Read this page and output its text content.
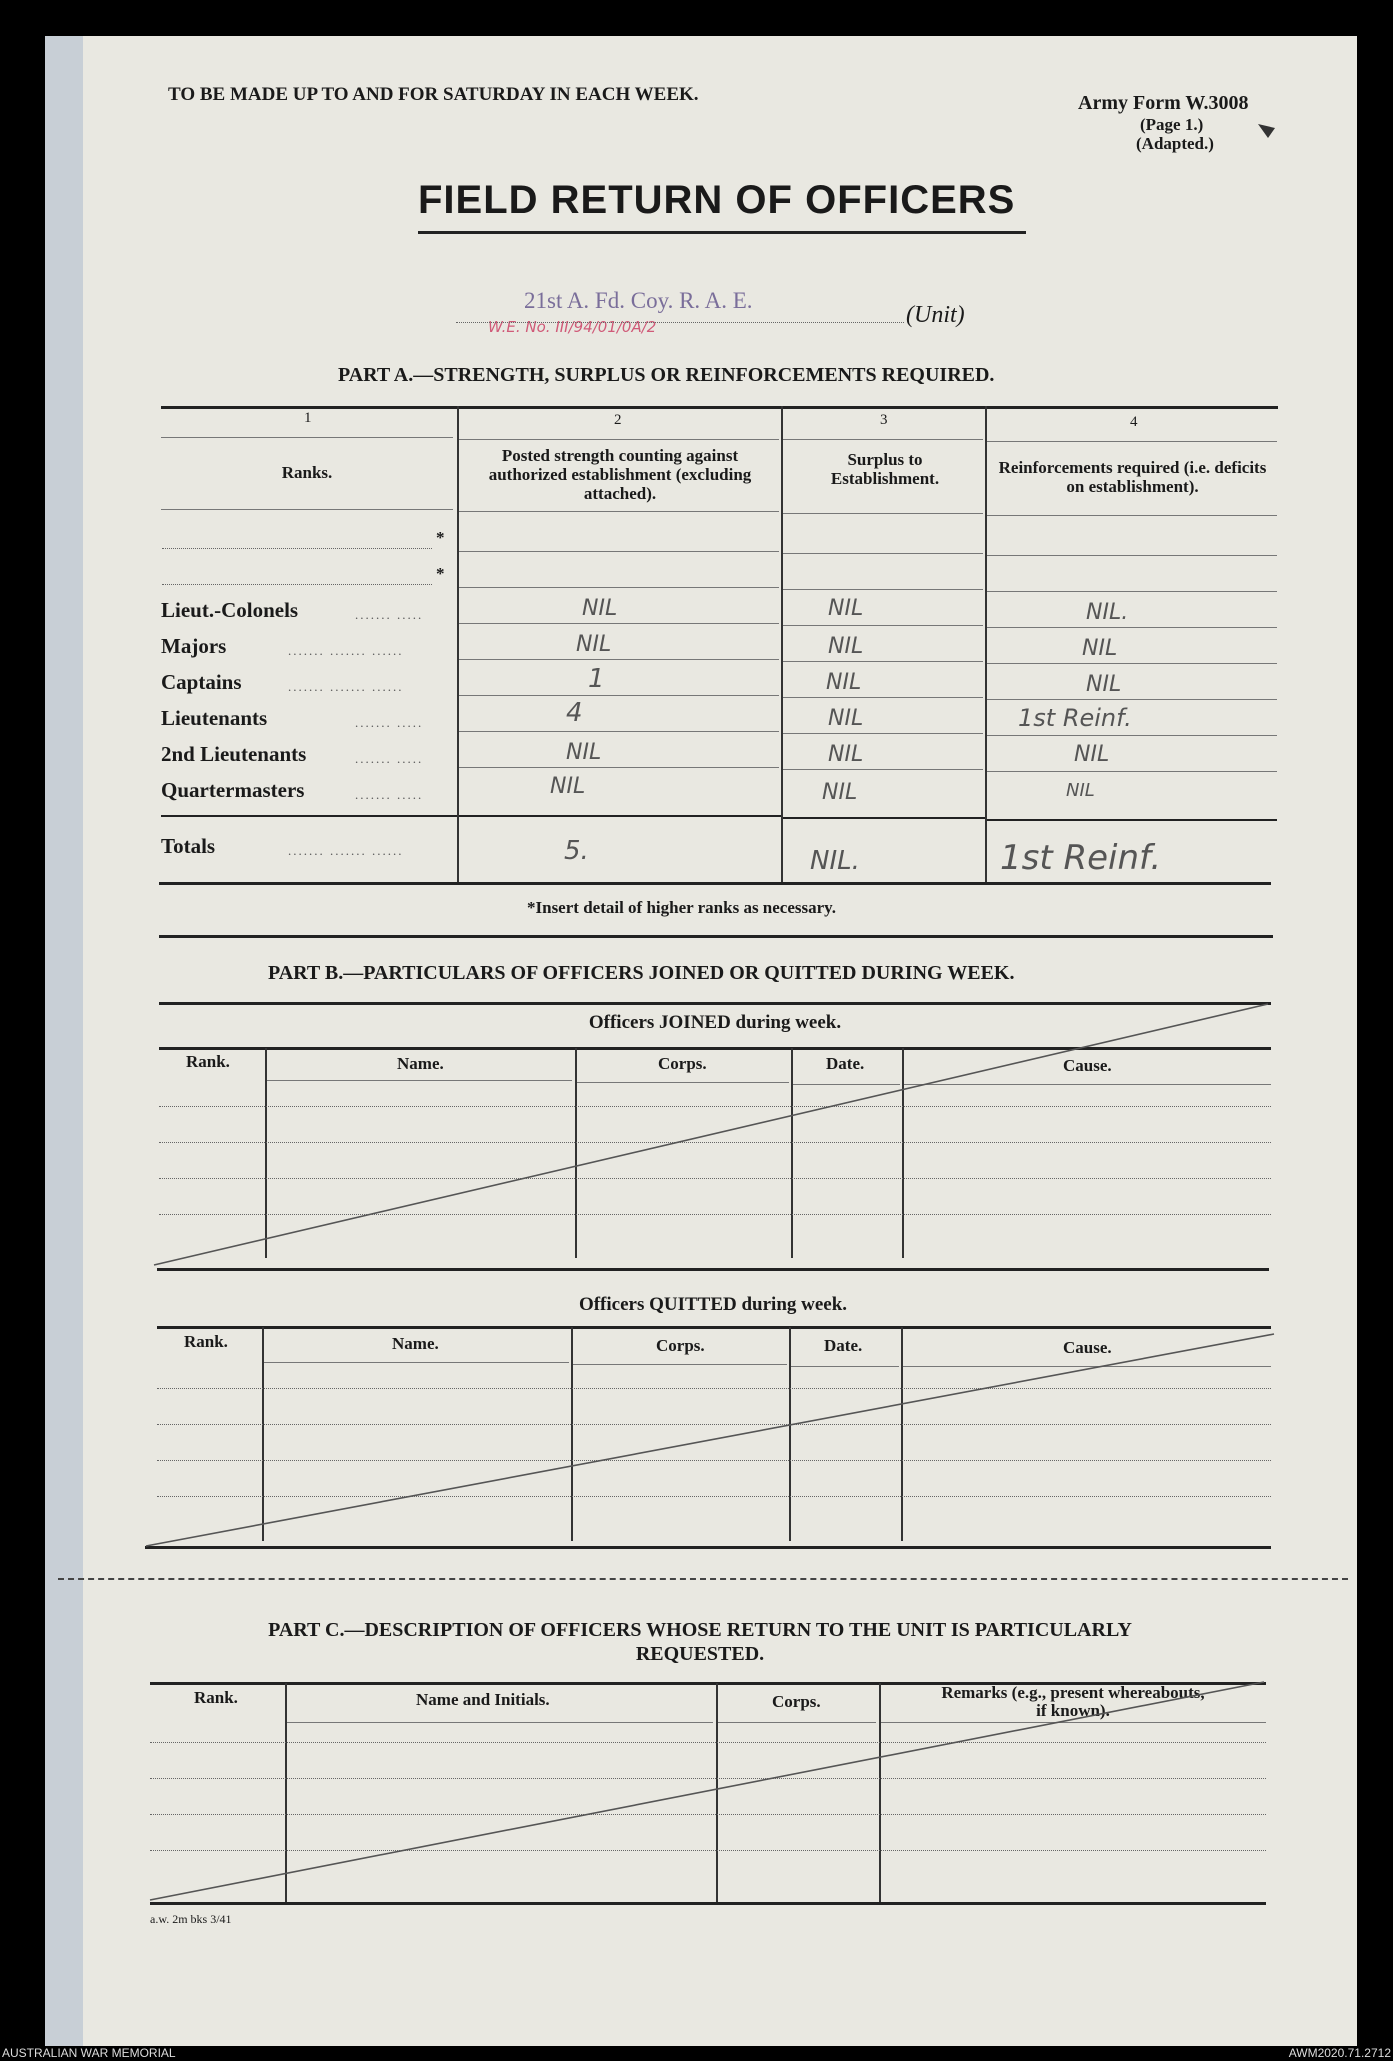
TO BE MADE UP TO AND FOR SATURDAY IN EACH WEEK.	Army Form W.3008
(Page 1.)
(Adapted.)
FIELD RETURN OF OFFICERS
21st A. Fd. Coy. R. A. E.
W.E. No. III/94/01/0A/2	(Unit)
PART A.—STRENGTH, SURPLUS OR REINFORCEMENTS REQUIRED.
1	2	3	4
Ranks.
Posted strength counting against authorized establishment (excluding attached).
Surplus to Establishment.
Reinforcements required (i.e. deficits on establishment).
*
*
Lieut.-Colonels	....... .....	NIL	NIL	NIL.
Majors	....... ....... ......	NIL	NIL	NIL
Captains	....... ....... ......	1	NIL	NIL
Lieutenants	....... .....	4	NIL	1st Reinf.
2nd Lieutenants	....... .....	NIL	NIL	NIL
Quartermasters	....... .....	NIL	NIL	NIL
Totals	....... ....... ......	5.	NIL.	1st Reinf.
*Insert detail of higher ranks as necessary.
PART B.—PARTICULARS OF OFFICERS JOINED OR QUITTED DURING WEEK.
Officers JOINED during week.
Rank.	Name.	Corps.	Date.	Cause.
Officers QUITTED during week.
Rank.	Name.	Corps.	Date.	Cause.
PART C.—DESCRIPTION OF OFFICERS WHOSE RETURN TO THE UNIT IS PARTICULARLY
REQUESTED.
Rank.	Name and Initials.	Corps.	Remarks (e.g., present whereabouts,
if known).
a.w. 2m bks 3/41
AUSTRALIAN WAR MEMORIAL	AWM2020.71.2712
